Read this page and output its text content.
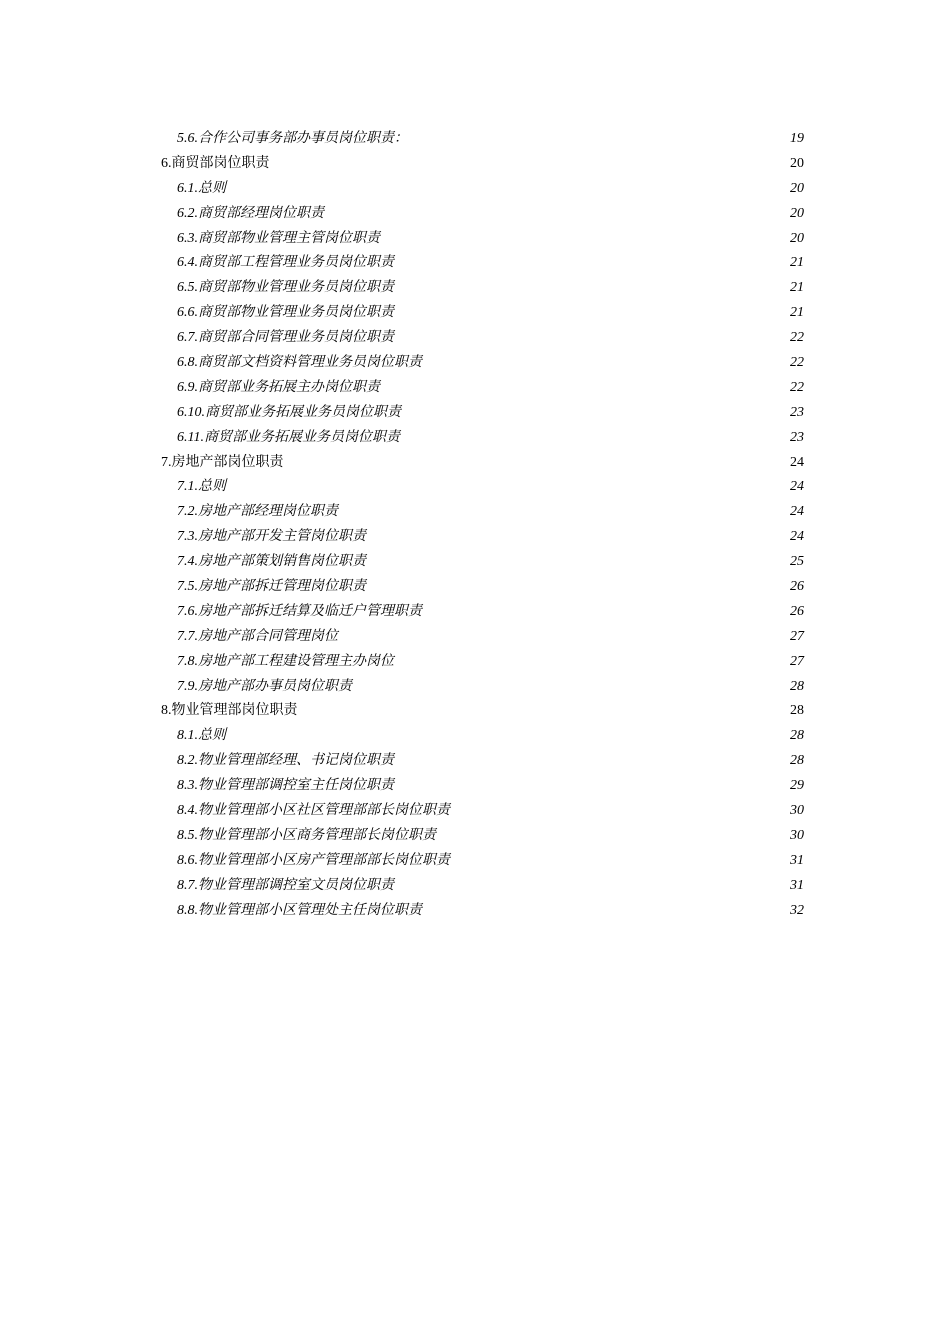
5.6.合作公司事务部办事员岗位职责：	19
6.商贸部岗位职责	20
6.1.总则	20
6.2.商贸部经理岗位职责	20
6.3.商贸部物业管理主管岗位职责	20
6.4.商贸部工程管理业务员岗位职责	21
6.5.商贸部物业管理业务员岗位职责	21
6.6.商贸部物业管理业务员岗位职责	21
6.7.商贸部合同管理业务员岗位职责	22
6.8.商贸部文档资料管理业务员岗位职责	22
6.9.商贸部业务拓展主办岗位职责	22
6.10.商贸部业务拓展业务员岗位职责	23
6.11.商贸部业务拓展业务员岗位职责	23
7.房地产部岗位职责	24
7.1.总则	24
7.2.房地产部经理岗位职责	24
7.3.房地产部开发主管岗位职责	24
7.4.房地产部策划销售岗位职责	25
7.5.房地产部拆迁管理岗位职责	26
7.6.房地产部拆迁结算及临迁户管理职责	26
7.7.房地产部合同管理岗位	27
7.8.房地产部工程建设管理主办岗位	27
7.9.房地产部办事员岗位职责	28
8.物业管理部岗位职责	28
8.1.总则	28
8.2.物业管理部经理、书记岗位职责	28
8.3.物业管理部调控室主任岗位职责	29
8.4.物业管理部小区社区管理部部长岗位职责	30
8.5.物业管理部小区商务管理部长岗位职责	30
8.6.物业管理部小区房产管理部部长岗位职责	31
8.7.物业管理部调控室文员岗位职责	31
8.8.物业管理部小区管理处主任岗位职责	32
